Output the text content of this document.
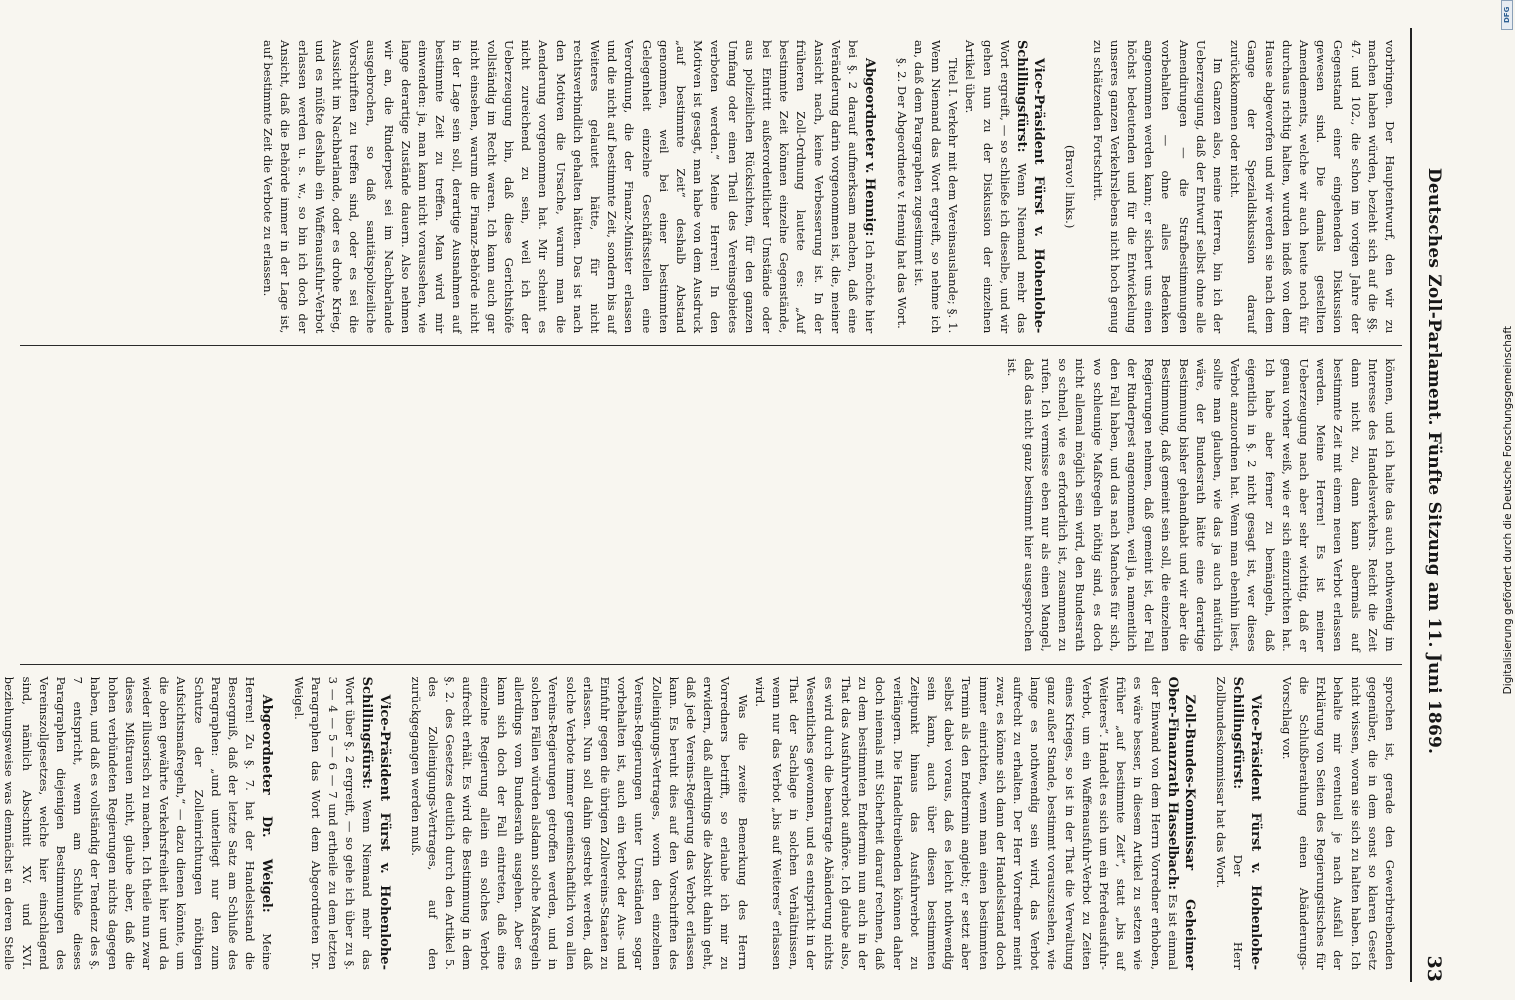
Deutsches Zoll-Parlament. Fünfte Sitzung am 11. Juni 1869.
33

vorbringen. Der Hauptentwurf, den wir zu machen haben würden, bezieht sich auf die §§. 47. und 102., die schon im vorigen Jahre der Gegenstand einer eingehenden Diskussion gewesen sind. Die damals gestellten Amendements, welche wir auch heute noch für durchaus richtig halten, wurden indeß von dem Hause abgeworfen und wir werden sie nach dem Gange der Spezialdiskussion darauf zurückkommen oder nicht.

Im Ganzen also, meine Herren, bin ich der Ueberzeugung, daß der Entwurf selbst ohne alle Amendirungen — die Strafbestimmungen vorbehalten — ohne alles Bedenken angenommen werden kann; er sichert uns einen höchst bedeutenden und für die Entwickelung unseres ganzen Verkehrslebens nicht hoch genug zu schätzenden Fortschritt.

(Bravo! links.)

Vice-Präsident Fürst v. Hohenlohe-Schillingsfürst: Wenn Niemand mehr das Wort ergreift, — so schließe ich dieselbe, und wir gehen nun zu der Diskussion der einzelnen Artikel über.

Titel I. Verkehr mit dem Vereinsauslande; §. 1. Wenn Niemand das Wort ergreift, so nehme ich an, daß dem Paragraphen zugestimmt ist.

§. 2. Der Abgeordnete v. Hennig hat das Wort.

Abgeordneter v. Hennig: Ich möchte hier bei §. 2 darauf aufmerksam machen, daß eine Veränderung darin vorgenommen ist, die, meiner Ansicht nach, keine Verbesserung ist. In der früheren Zoll-Ordnung lautete es: „Auf bestimmte Zeit können einzelne Gegenstände, bei Eintritt außerordentlicher Umstände oder aus polizeilichen Rücksichten, für den ganzen Umfang oder einen Theil des Vereinsgebietes verboten werden.“ Meine Herren! In den Motiven ist gesagt, man habe von dem Ausdruck „auf bestimmte Zeit“ deshalb Abstand genommen, weil bei einer bestimmten Gelegenheit einzelne Geschäftsstellen eine Verordnung, die der Finanz-Minister erlassen und die nicht auf bestimmte Zeit, sondern bis auf Weiteres gelautet hätte, für nicht rechtsverbindlich gehalten hätten. Das ist nach den Motiven die Ursache, warum man die Aenderung vorgenommen hat. Mir scheint es nicht zureichend zu sein, weil ich der Ueberzeugung bin, daß diese Gerichtshöfe vollständig im Recht waren. Ich kann auch gar nicht einsehen, warum die Finanz-Behörde nicht in der Lage sein soll, derartige Ausnahmen auf bestimmte Zeit zu treffen. Man wird mir einwenden: ja, man kann nicht voraussehen, wie lange derartige Zustände dauern. Also nehmen wir an, die Rinderpest sei im Nachbarlande ausgebrochen, so daß sanitätspolizeiliche Vorschriften zu treffen sind, oder es sei die Aussicht im Nachbarlande, oder es drohe Krieg, und es müßte deshalb ein Waffenausfuhr-Verbot erlassen werden u. s. w., so bin ich doch der Ansicht, daß die Behörde immer in der Lage ist, auf bestimmte Zeit die Verbote zu erlassen.

können, und ich halte das auch nothwendig im Interesse des Handelsverkehrs. Reicht die Zeit dann nicht zu, dann kann abermals auf bestimmte Zeit mit einem neuen Verbot erlassen werden. Meine Herren! Es ist meiner Ueberzeugung nach aber sehr wichtig, daß er genau vorher weiß, wie er sich einzurichten hat. Ich habe aber ferner zu bemängeln, daß eigentlich in §. 2 nicht gesagt ist, wer dieses Verbot anzuordnen hat. Wenn man ebenhin liest, sollte man glauben, wie das ja auch natürlich wäre, der Bundesrath hätte eine derartige Bestimmung bisher gehandhabt und wir aber die Bestimmung, daß gemeint sein soll, die einzelnen Regierungen nehmen, daß gemeint ist, der Fall der Rinderpest angenommen, weil ja, namentlich den Fall haben, und das nach Manches für sich, wo schleunige Maßregeln nöthig sind, es doch nicht allemal möglich sein wird, den Bundesrath so schnell, wie es erforderlich ist, zusammen zu rufen. Ich vermisse eben nur als einen Mangel, daß das nicht ganz bestimmt hier ausgesprochen ist.

sprochen ist, gerade den Gewerbtreibenden gegenüber, die in dem sonst so klaren Gesetz nicht wissen, woran sie sich zu halten haben. Ich behalte mir eventuell je nach Ausfall der Erklärung von Seiten des Regierungstisches für die Schlußberathung einen Abänderungs-Vorschlag vor.

Vice-Präsident Fürst v. Hohenlohe-Schillingsfürst: Der Herr Zollbundeskommissar hat das Wort.

Zoll-Bundes-Kommissar Geheimer Ober-Finanzrath Hasselbach: Es ist einmal der Einwand von dem Herrn Vorredner erhoben, es wäre besser, in diesem Artikel zu setzen wie früher „auf bestimmte Zeit“, statt „bis auf Weiteres“. Handelt es sich um ein Pferdeausfuhr-Verbot, um ein Waffenausfuhr-Verbot zu Zeiten eines Krieges, so ist in der That die Verwaltung ganz außer Stande, bestimmt vorauszusehen, wie lange es nothwendig sein wird, das Verbot aufrecht zu erhalten. Der Herr Vorredner meint zwar, es könne sich dann der Handelsstand doch immer einrichten, wenn man einen bestimmten Termin als den Endtermin angiebt; er setzt aber selbst dabei voraus, daß es leicht nothwendig sein kann, auch über diesen bestimmten Zeitpunkt hinaus das Ausfuhrverbot zu verlängern. Die Handeltreibenden können daher doch niemals mit Sicherheit darauf rechnen, daß zu dem bestimmten Endtermin nun auch in der That das Ausfuhrverbot aufhöre. Ich glaube also, es wird durch die beantragte Abänderung nichts Wesentliches gewonnen, und es entspricht in der That der Sachlage in solchen Verhältnissen, wenn nur das Verbot „bis auf Weiteres“ erlassen wird.

Was die zweite Bemerkung des Herrn Vorredners betrifft, so erlaube ich mir zu erwidern, daß allerdings die Absicht dahin geht, daß jede Vereins-Regierung das Verbot erlassen kann. Es beruht dies auf den Vorschriften des Zolleinigungs-Vertrages, worin den einzelnen Vereins-Regierungen unter Umständen sogar vorbehalten ist, auch ein Verbot der Aus- und Einfuhr gegen die übrigen Zollvereins-Staaten zu erlassen. Nun soll dahin gestrebt werden, daß solche Verbote immer gemeinschaftlich von allen Vereins-Regierungen getroffen werden, und in solchen Fällen würden alsdann solche Maßregeln allerdings vom Bundesrath ausgehen. Aber es kann sich doch der Fall eintreten, daß eine einzelne Regierung allein ein solches Verbot aufrecht erhält. Es wird die Bestimmung in dem §. 2. des Gesetzes deutlich durch den Artikel 5. des Zolleinigungs-Vertrages, auf den zurückgegangen werden muß.

Vice-Präsident Fürst v. Hohenlohe-Schillingsfürst: Wenn Niemand mehr das Wort über §. 2 ergreift, — so gehe ich über zu §. 3 — 4 — 5 — 6 — 7 und ertheile zu dem letzten Paragraphen das Wort dem Abgeordneten Dr. Weigel.

Abgeordneter Dr. Weigel: Meine Herren! Zu §. 7. hat der Handelsstand die Besorgniß, daß der letzte Satz am Schluße des Paragraphen: „und unterliegt nur den zum Schutze der Zolleinrichtungen nöthigen Aufsichtsmaßregeln,“ — dazu dienen könnte, um die oben gewährte Verkehrsfreiheit hier und da wieder illusorisch zu machen. Ich theile nun zwar dieses Mißtrauen nicht, glaube aber, daß die hohen verbündeten Regierungen nichts dagegen haben, und daß es vollständig der Tendenz des §. 7 entspricht, wenn am Schluße dieses Paragraphen diejenigen Bestimmungen des Vereinszollgesetzes, welche hier einschlagend sind, nämlich Abschnitt XV. und XVI. beziehungsweise was demnächst an deren Stelle

DFG
Digitalisierung gefördert durch die Deutsche Forschungsgemeinschaft
